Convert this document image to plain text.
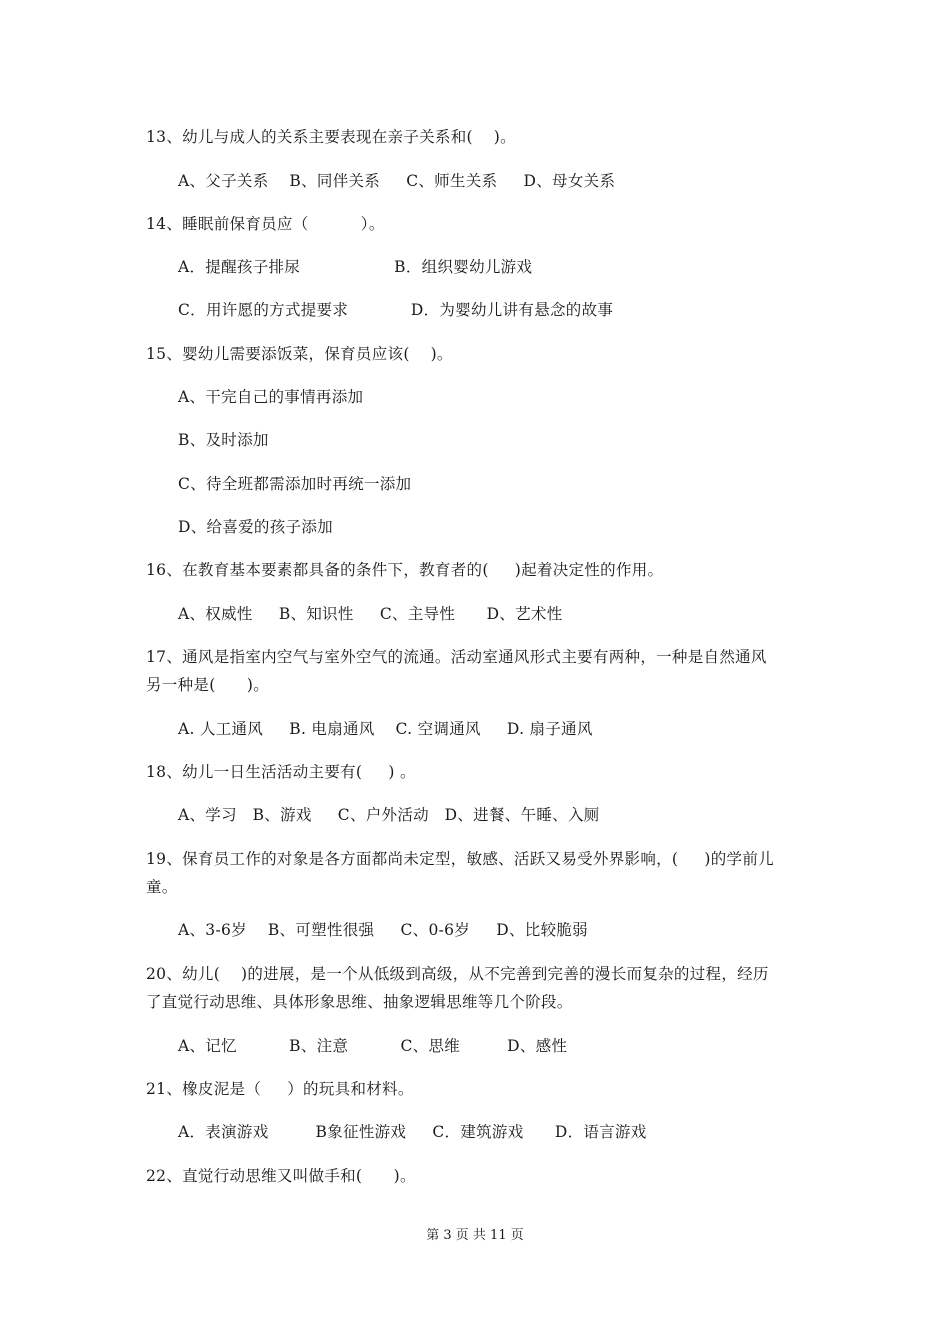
13、幼儿与成人的关系主要表现在亲子关系和(    )。
A、父子关系    B、同伴关系     C、师生关系     D、母女关系
14、睡眠前保育员应（          ）。
A．提醒孩子排尿                  B．组织婴幼儿游戏
C．用许愿的方式提要求            D．为婴幼儿讲有悬念的故事
15、婴幼儿需要添饭菜，保育员应该(    )。
A、干完自己的事情再添加
B、及时添加
C、待全班都需添加时再统一添加
D、给喜爱的孩子添加
16、在教育基本要素都具备的条件下，教育者的(     )起着决定性的作用。
A、权威性     B、知识性     C、主导性      D、艺术性
17、通风是指室内空气与室外空气的流通。活动室通风形式主要有两种，一种是自然通风
另一种是(      )。
A. 人工通风     B. 电扇通风    C. 空调通风     D. 扇子通风
18、幼儿一日生活活动主要有(     ) 。
A、学习   B、游戏     C、户外活动   D、进餐、午睡、入厕
19、保育员工作的对象是各方面都尚未定型，敏感、活跃又易受外界影响，(     )的学前儿
童。
A、3-6岁    B、可塑性很强     C、0-6岁     D、比较脆弱
20、幼儿(    )的进展，是一个从低级到高级，从不完善到完善的漫长而复杂的过程，经历
了直觉行动思维、具体形象思维、抽象逻辑思维等几个阶段。
A、记忆          B、注意          C、思维         D、感性
21、橡皮泥是（     ）的玩具和材料。
A．表演游戏         B象征性游戏     C．建筑游戏      D．语言游戏
22、直觉行动思维又叫做手和(      )。
第 3 页 共 11 页
